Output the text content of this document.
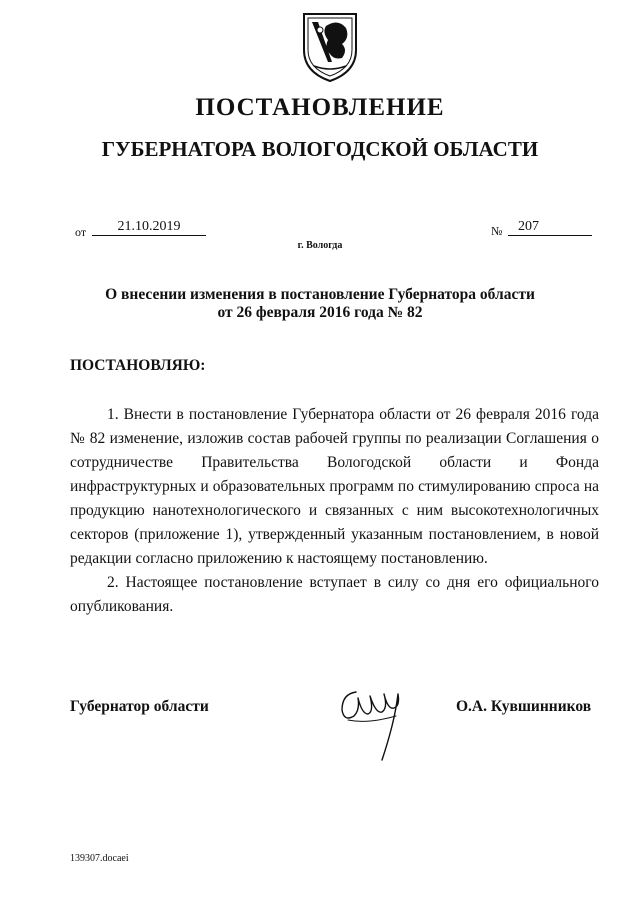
ПОСТАНОВЛЕНИЕ
ГУБЕРНАТОРА ВОЛОГОДСКОЙ ОБЛАСТИ
от	21.10.2019	№	207
г. Вологда
О внесении изменения в постановление Губернатора области
от 26 февраля 2016 года № 82
ПОСТАНОВЛЯЮ:

1. Внести в постановление Губернатора области от 26 февраля 2016 года № 82 изменение, изложив состав рабочей группы по реализации Соглашения о сотрудничестве Правительства Вологодской области и Фонда инфраструктурных и образовательных программ по стимулированию спроса на продукцию нанотехнологического и связанных с ним высокотехнологичных секторов (приложение 1), утвержденный указанным постановлением, в новой редакции согласно приложению к настоящему постановлению.

2. Настоящее постановление вступает в силу со дня его официального опубликования.

Губернатор области	О.А. Кувшинников
139307.docaei
